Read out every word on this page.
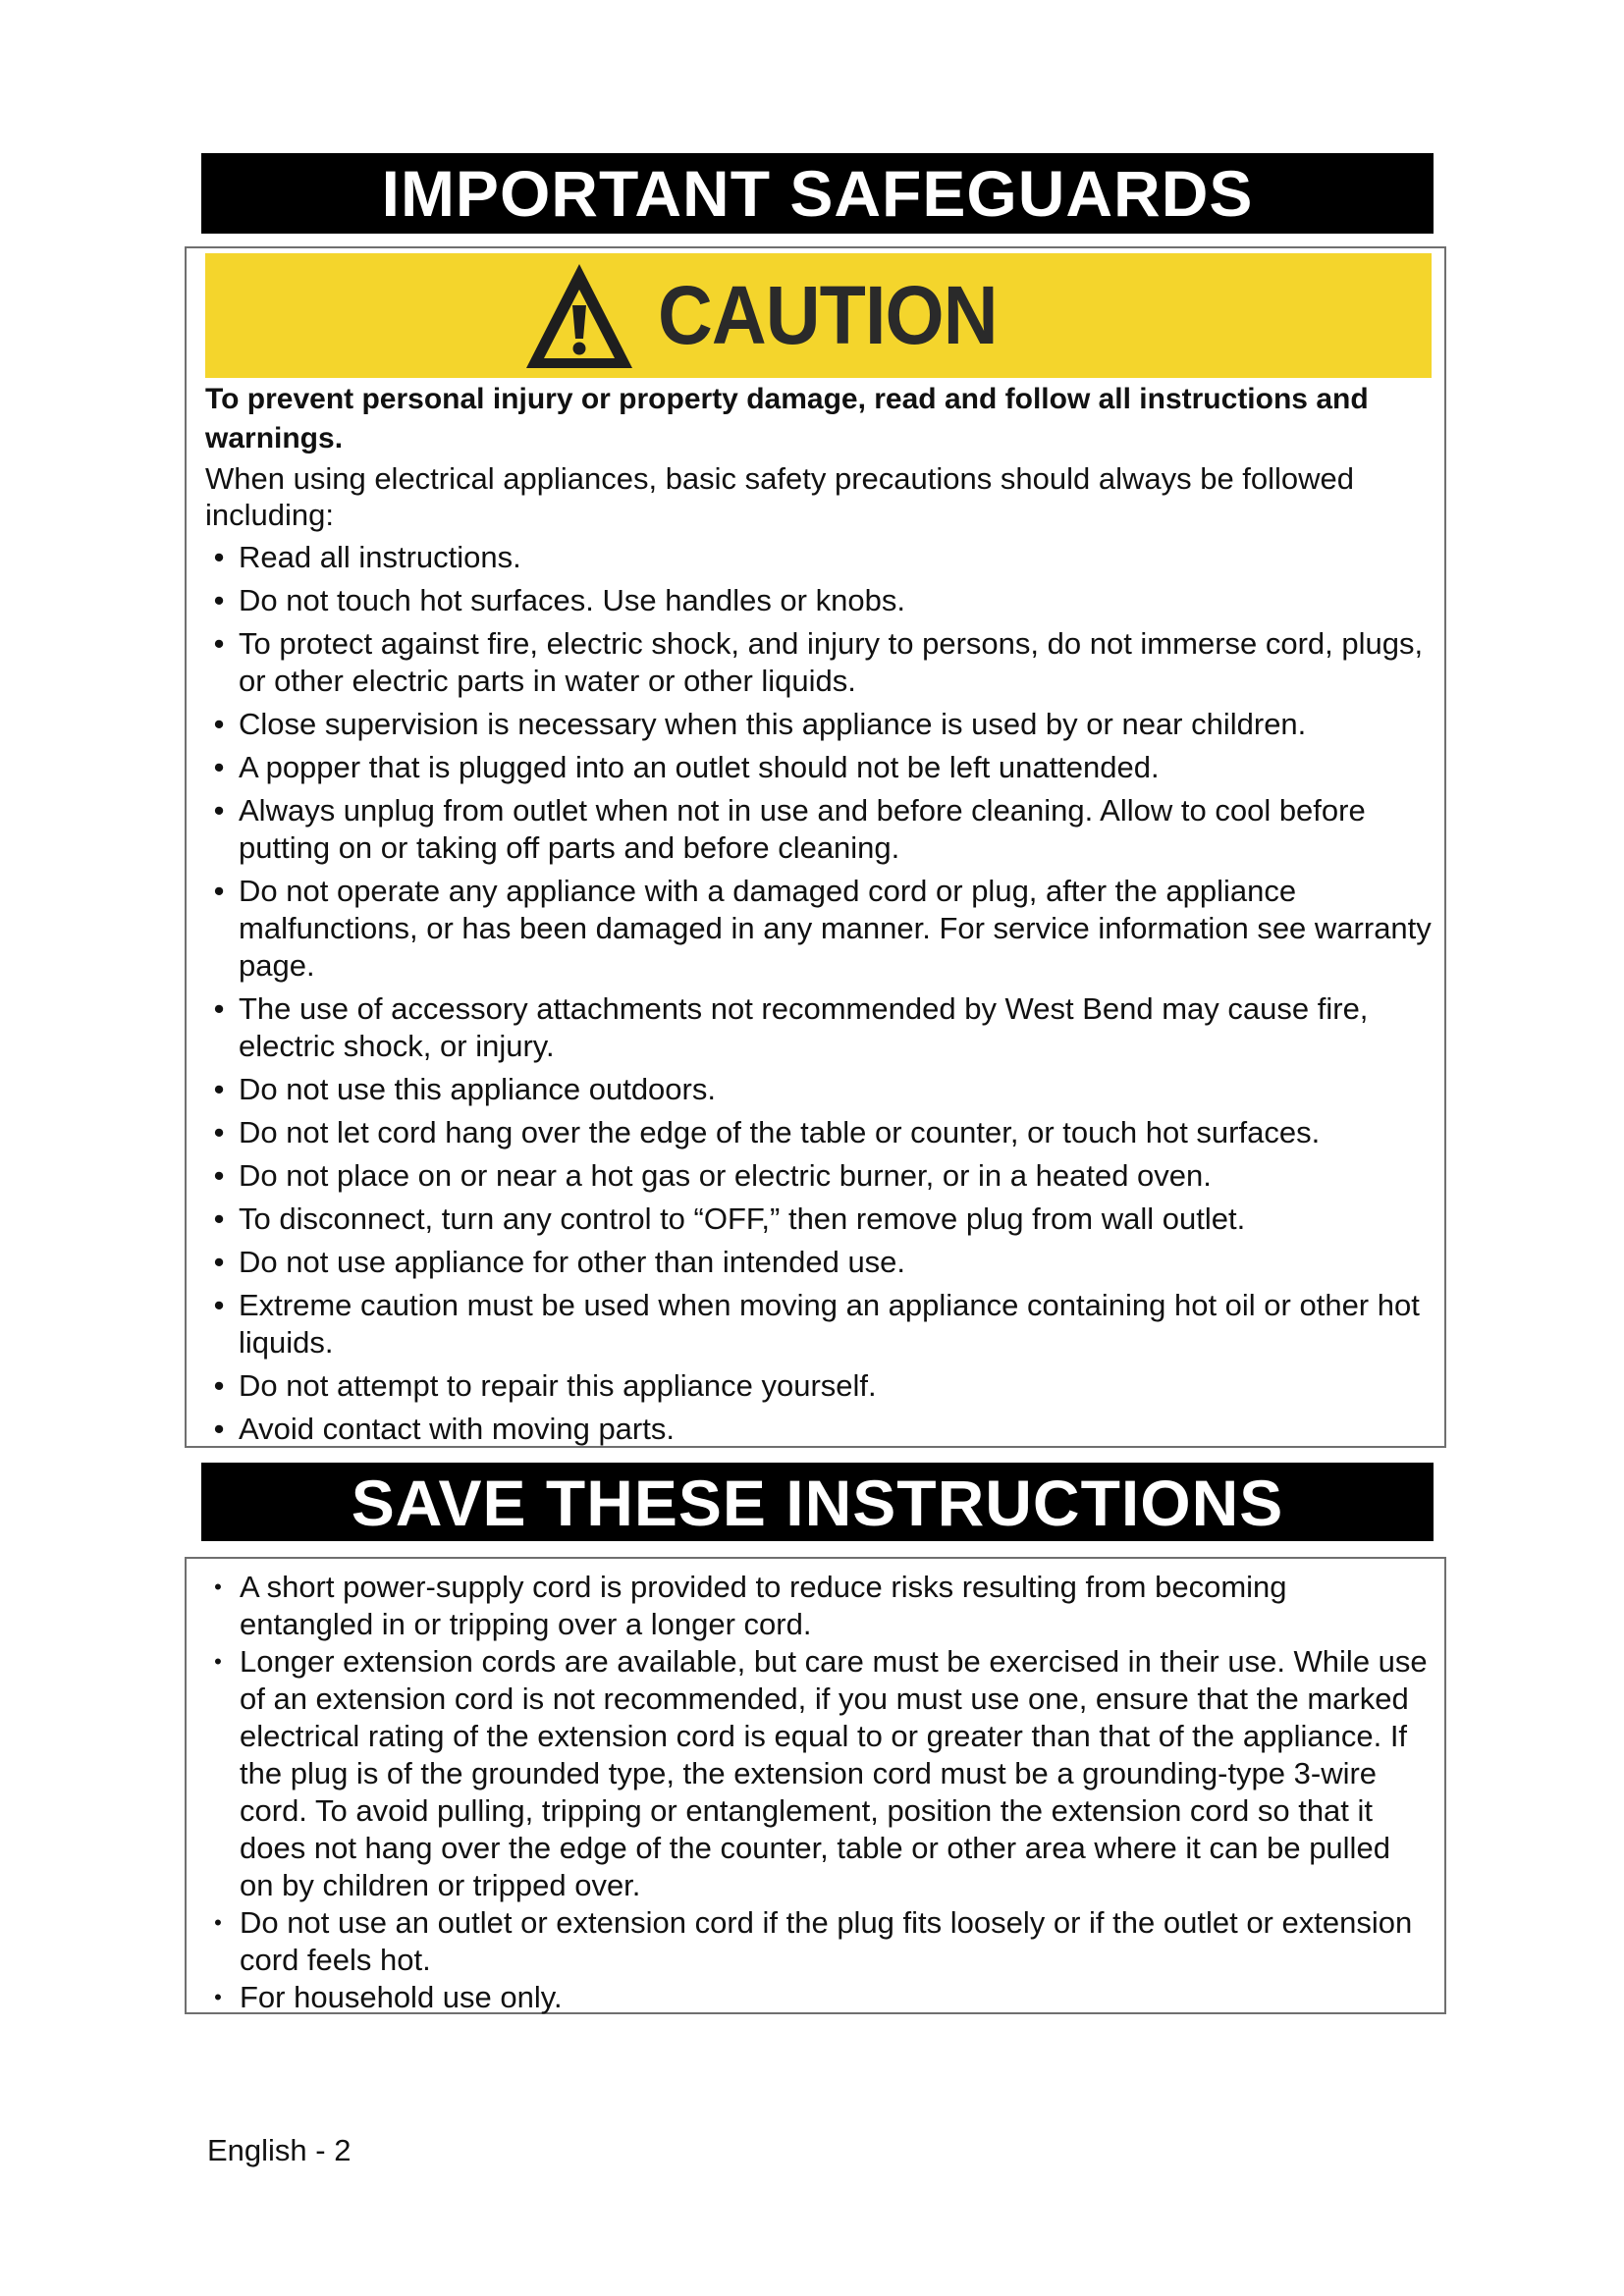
IMPORTANT SAFEGUARDS
CAUTION

To prevent personal injury or property damage, read and follow all instructions and warnings.

When using electrical appliances, basic safety precautions should always be followed including:

• Read all instructions.
• Do not touch hot surfaces. Use handles or knobs.
• To protect against fire, electric shock, and injury to persons, do not immerse cord, plugs, or other electric parts in water or other liquids.
• Close supervision is necessary when this appliance is used by or near children.
• A popper that is plugged into an outlet should not be left unattended.
• Always unplug from outlet when not in use and before cleaning. Allow to cool before putting on or taking off parts and before cleaning.
• Do not operate any appliance with a damaged cord or plug, after the appliance malfunctions, or has been damaged in any manner. For service information see warranty page.
• The use of accessory attachments not recommended by West Bend may cause fire, electric shock, or injury.
• Do not use this appliance outdoors.
• Do not let cord hang over the edge of the table or counter, or touch hot surfaces.
• Do not place on or near a hot gas or electric burner, or in a heated oven.
• To disconnect, turn any control to “OFF,” then remove plug from wall outlet.
• Do not use appliance for other than intended use.
• Extreme caution must be used when moving an appliance containing hot oil or other hot liquids.
• Do not attempt to repair this appliance yourself.
• Avoid contact with moving parts.
SAVE THESE INSTRUCTIONS
• A short power-supply cord is provided to reduce risks resulting from becoming entangled in or tripping over a longer cord.
• Longer extension cords are available, but care must be exercised in their use. While use of an extension cord is not recommended, if you must use one, ensure that the marked electrical rating of the extension cord is equal to or greater than that of the appliance. If the plug is of the grounded type, the extension cord must be a grounding-type 3-wire cord. To avoid pulling, tripping or entanglement, position the extension cord so that it does not hang over the edge of the counter, table or other area where it can be pulled on by children or tripped over.
• Do not use an outlet or extension cord if the plug fits loosely or if the outlet or extension cord feels hot.
• For household use only.
English - 2
